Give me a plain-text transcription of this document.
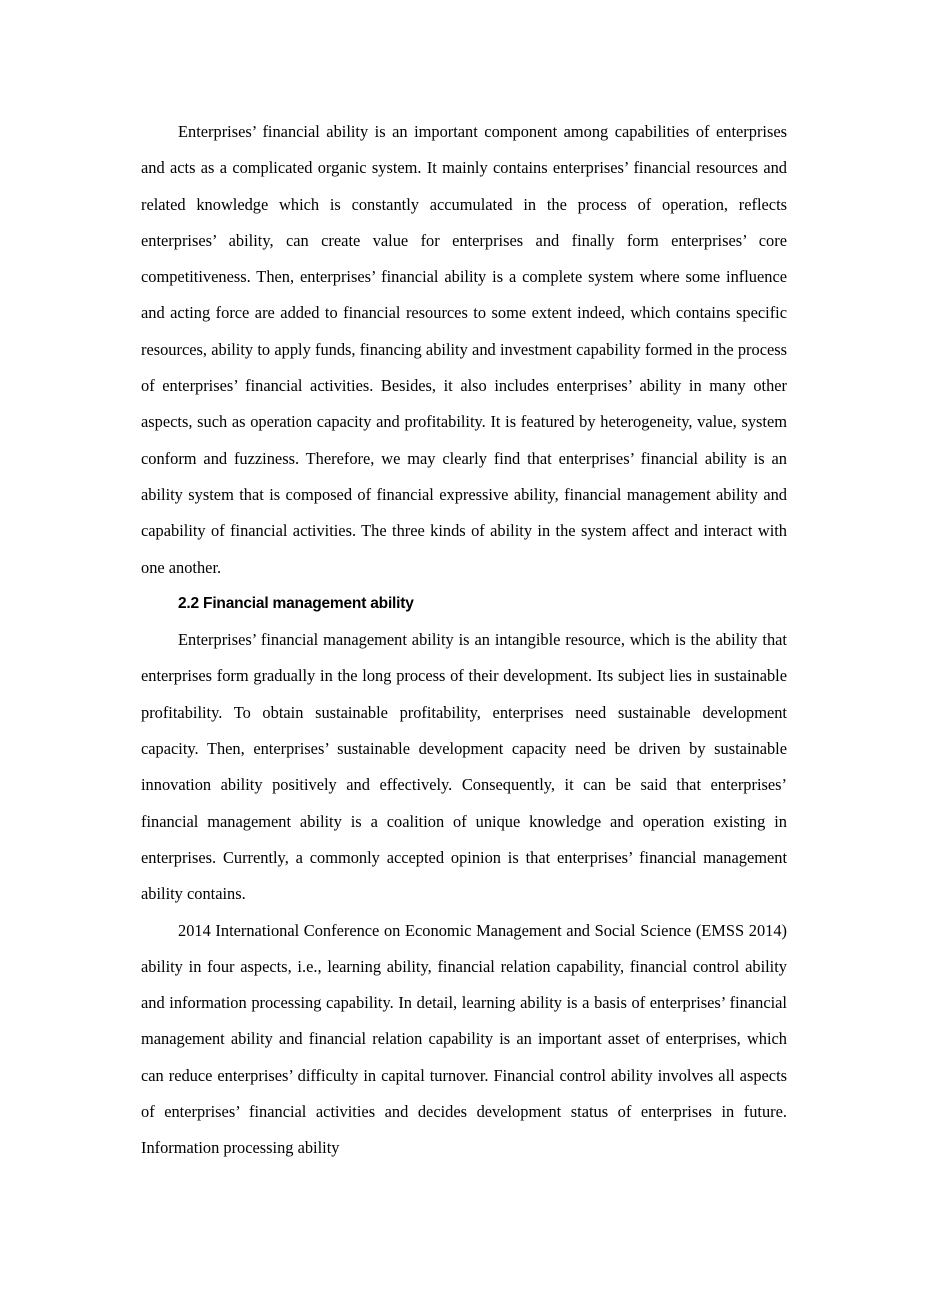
Enterprises’ financial ability is an important component among capabilities of enterprises and acts as a complicated organic system. It mainly contains enterprises’ financial resources and related knowledge which is constantly accumulated in the process of operation, reflects enterprises’ ability, can create value for enterprises and finally form enterprises’ core competitiveness. Then, enterprises’ financial ability is a complete system where some influence and acting force are added to financial resources to some extent indeed, which contains specific resources, ability to apply funds, financing ability and investment capability formed in the process of enterprises’ financial activities. Besides, it also includes enterprises’ ability in many other aspects, such as operation capacity and profitability. It is featured by heterogeneity, value, system conform and fuzziness. Therefore, we may clearly find that enterprises’ financial ability is an ability system that is composed of financial expressive ability, financial management ability and capability of financial activities. The three kinds of ability in the system affect and interact with one another.

2.2 Financial management ability

Enterprises’ financial management ability is an intangible resource, which is the ability that enterprises form gradually in the long process of their development. Its subject lies in sustainable profitability. To obtain sustainable profitability, enterprises need sustainable development capacity. Then, enterprises’ sustainable development capacity need be driven by sustainable innovation ability positively and effectively. Consequently, it can be said that enterprises’ financial management ability is a coalition of unique knowledge and operation existing in enterprises. Currently, a commonly accepted opinion is that enterprises’ financial management ability contains.

2014 International Conference on Economic Management and Social Science (EMSS 2014) ability in four aspects, i.e., learning ability, financial relation capability, financial control ability and information processing capability. In detail, learning ability is a basis of enterprises’ financial management ability and financial relation capability is an important asset of enterprises, which can reduce enterprises’ difficulty in capital turnover. Financial control ability involves all aspects of enterprises’ financial activities and decides development status of enterprises in future. Information processing ability
